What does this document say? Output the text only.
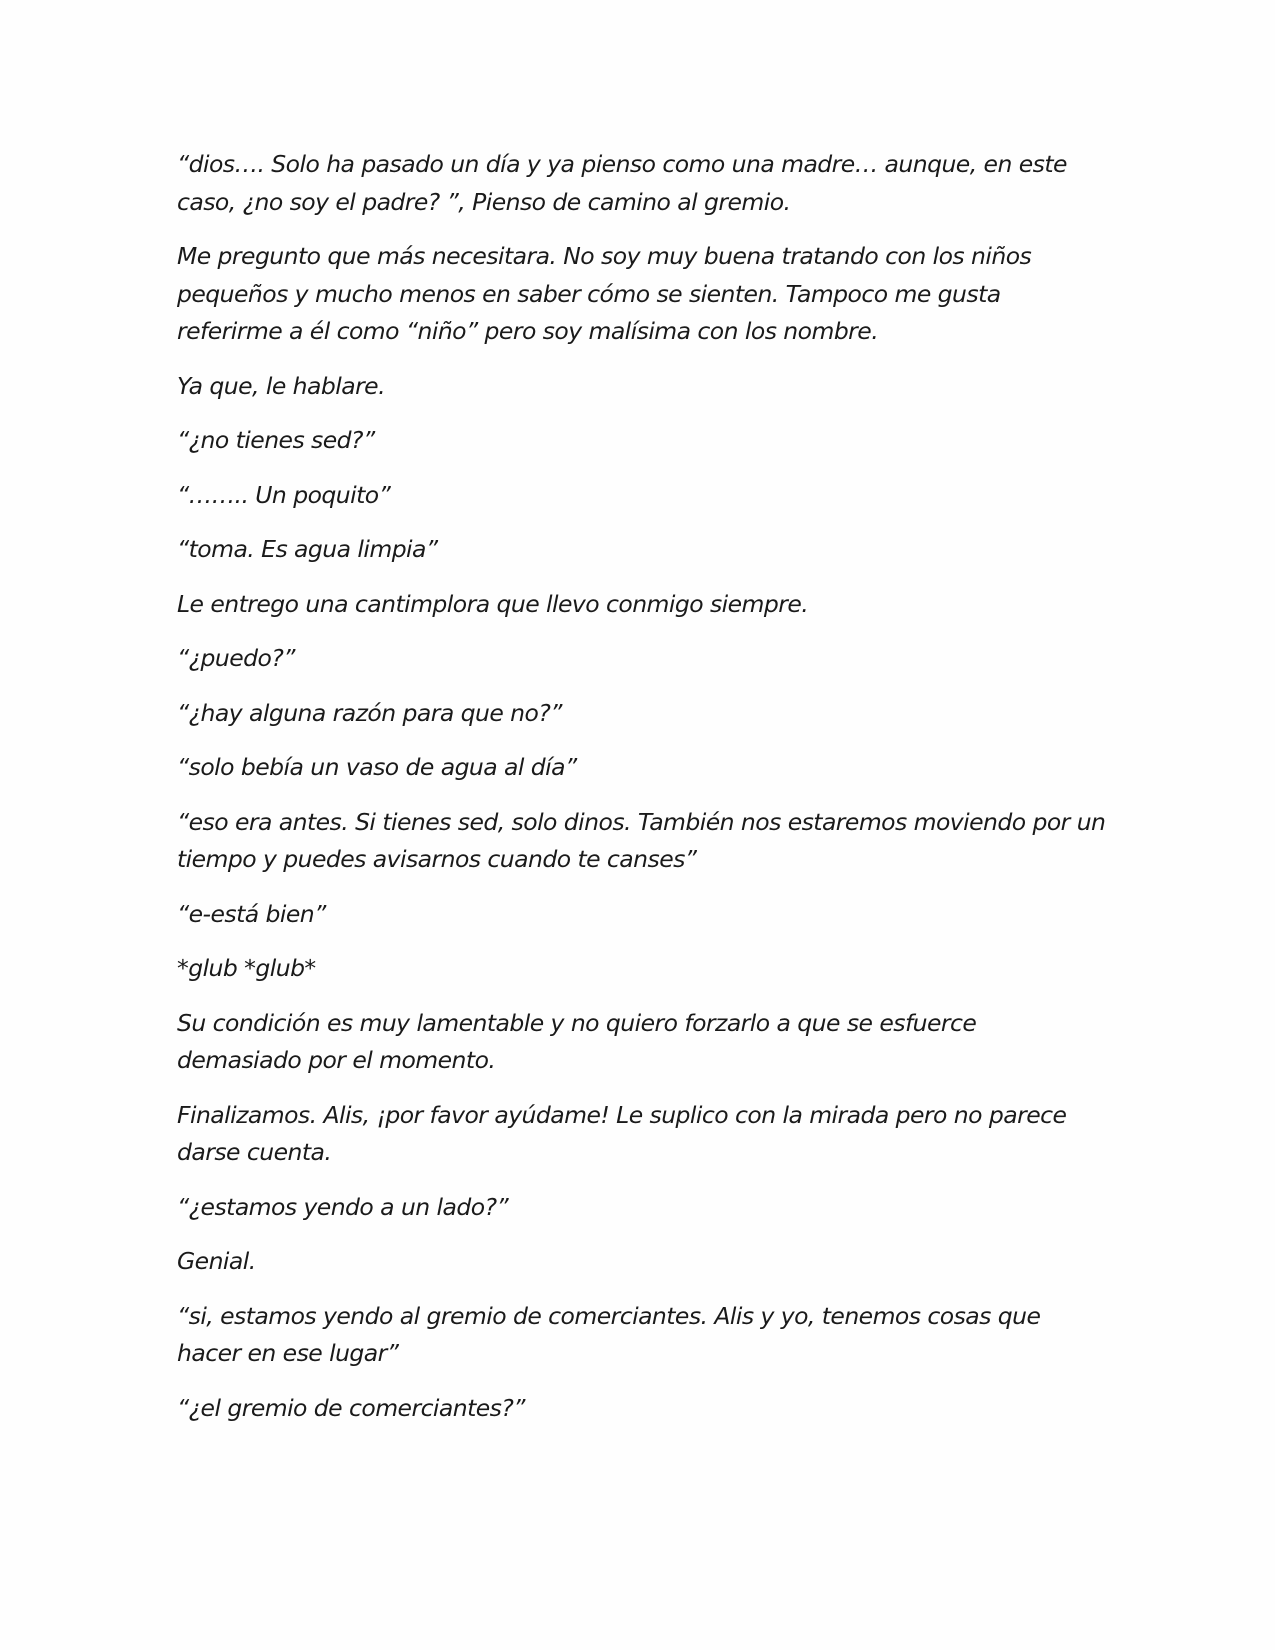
“dios…. Solo ha pasado un día y ya pienso como una madre… aunque, en este caso, ¿no soy el padre? ”, Pienso de camino al gremio.

Me pregunto que más necesitara. No soy muy buena tratando con los niños pequeños y mucho menos en saber cómo se sienten. Tampoco me gusta referirme a él como “niño” pero soy malísima con los nombre.

Ya que, le hablare.

“¿no tienes sed?”

“…….. Un poquito”

“toma. Es agua limpia”

Le entrego una cantimplora que llevo conmigo siempre.

“¿puedo?”

“¿hay alguna razón para que no?”

“solo bebía un vaso de agua al día”

“eso era antes. Si tienes sed, solo dinos. También nos estaremos moviendo por un tiempo y puedes avisarnos cuando te canses”

“e-está bien”

*glub *glub*

Su condición es muy lamentable y no quiero forzarlo a que se esfuerce demasiado por el momento.

Finalizamos. Alis, ¡por favor ayúdame! Le suplico con la mirada pero no parece darse cuenta.

“¿estamos yendo a un lado?”

Genial.

“si, estamos yendo al gremio de comerciantes. Alis y yo, tenemos cosas que hacer en ese lugar”

“¿el gremio de comerciantes?”
